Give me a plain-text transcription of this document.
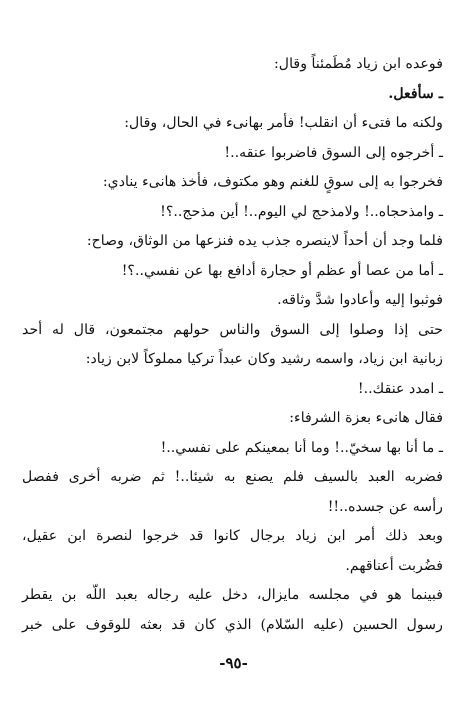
فوعده ابن زياد مُطَمئناً وقال:
ـ سأفعل.
ولكنه ما فتىء أن انقلب! فأمر بهانىء في الحال، وقال:
ـ أخرجوه إلى السوق فاضربوا عنقه..!
فخرجوا به إلى سوقٍ للغنم وهو مكتوف، فأخذ هانىء ينادي:
ـ وامذحجاه..! ولامذحج لي اليوم..! أين مذحج..؟!
فلما وجد أن أحداً لاينصره جذب يده فنزعها من الوثاق، وصاح:
ـ أما من عصا أو عظم أو حجارة أدافع بها عن نفسي..؟!
فوثبوا إليه وأعادوا شدَّ وثاقه.
حتى إذا وصلوا إلى السوق والناس حولهم مجتمعون، قال له أحد
زبانية ابن زياد، واسمه رشيد وكان عبداً تركيا مملوكاً لابن زياد:
ـ امدد عنقك..!
فقال هانىء بعزة الشرفاء:
ـ ما أنا بها سخيّ..! وما أنا بمعينكم على نفسي..!
فضربه العبد بالسيف فلم يصنع به شيئا..! ثم ضربه أخرى ففصل
رأسه عن جسده..!!
وبعد ذلك أمر ابن زياد برجال كانوا قد خرجوا لنصرة ابن عقيل،
فضُربت أعناقهم.
فبينما هو في مجلسه مايزال، دخل عليه رجاله بعبد اللّه بن يقطر
رسول الحسين (عليه السّلام) الذي كان قد بعثه للوقوف على خبر
-٩٥-
